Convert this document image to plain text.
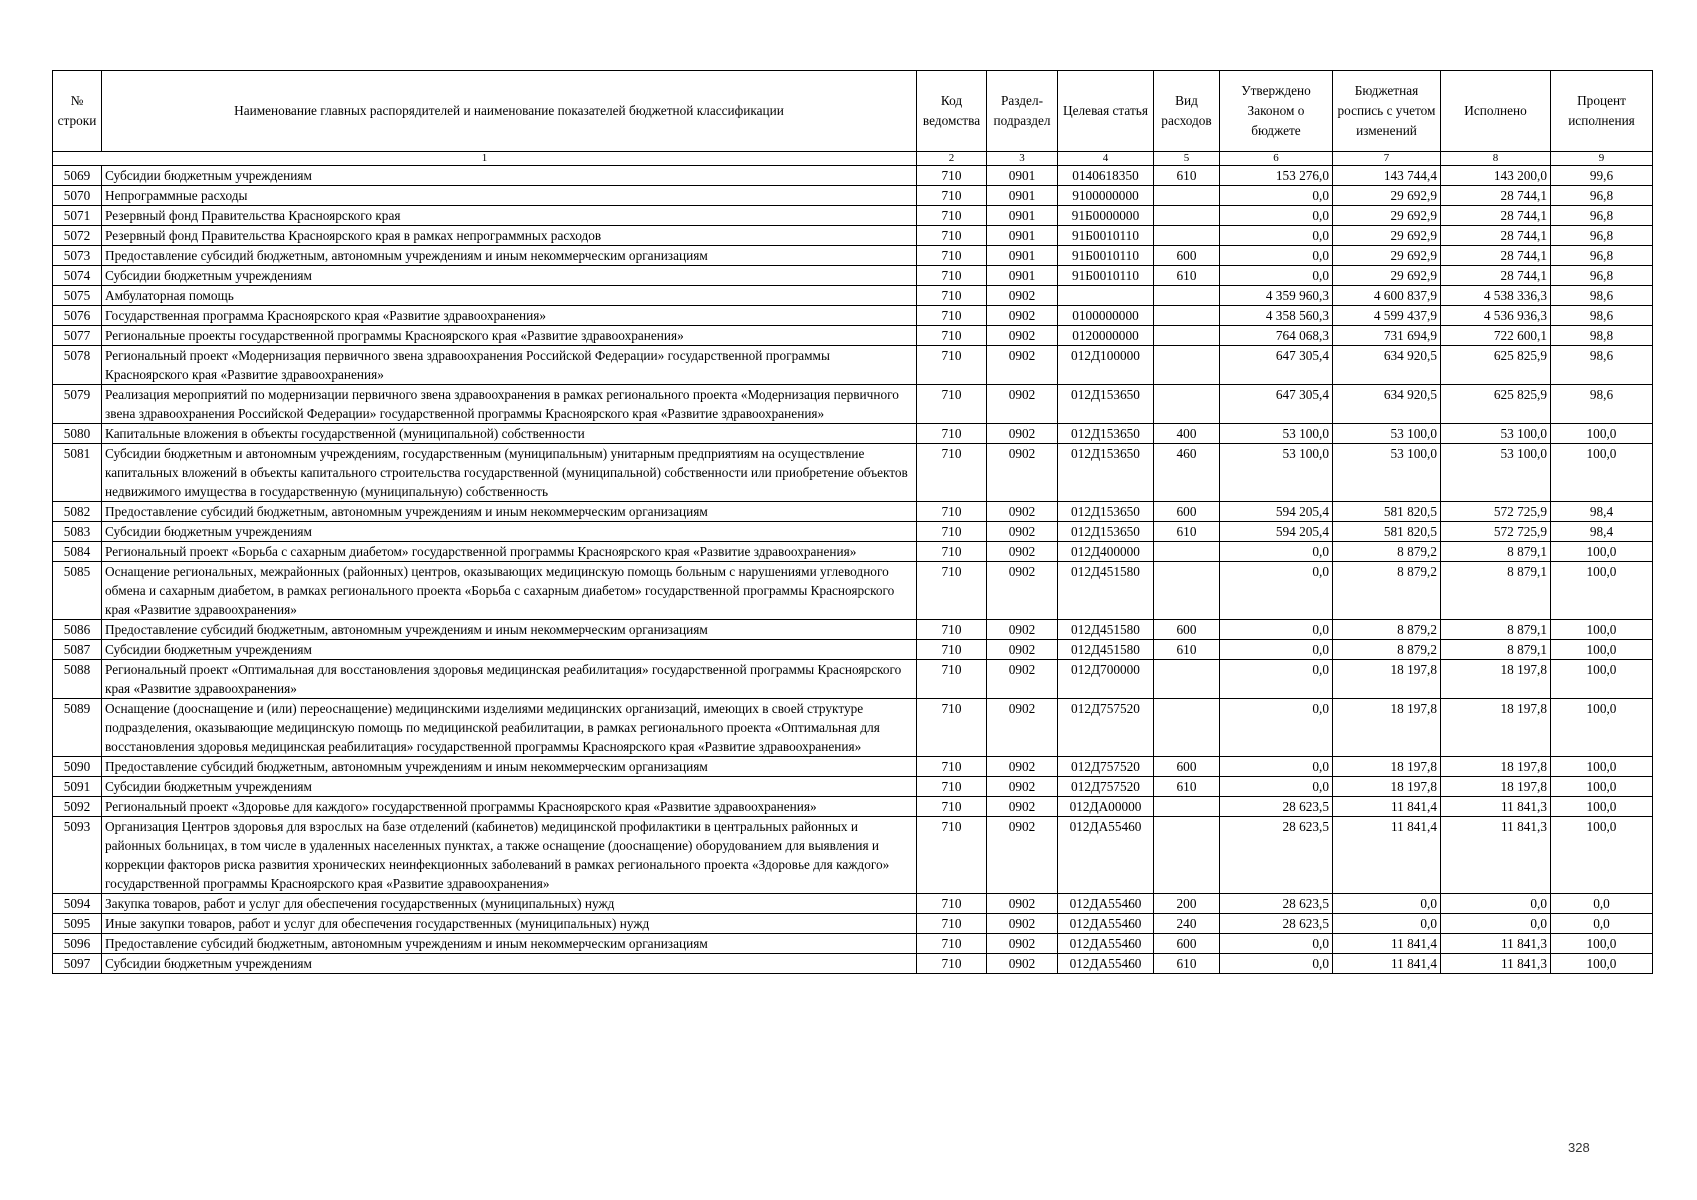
№ строки	Наименование главных распорядителей и наименование показателей бюджетной классификации	Код ведомства	Раздел-подраздел	Целевая статья	Вид расходов	Утверждено Законом о бюджете	Бюджетная роспись с учетом изменений	Исполнено	Процент исполнения
1		2	3	4	5	6	7	8	9
5069	Субсидии бюджетным учреждениям	710	0901	0140618350	610	153 276,0	143 744,4	143 200,0	99,6
5070	Непрограммные расходы	710	0901	9100000000		0,0	29 692,9	28 744,1	96,8
5071	Резервный фонд Правительства Красноярского края	710	0901	91Б0000000		0,0	29 692,9	28 744,1	96,8
5072	Резервный фонд Правительства Красноярского края в рамках непрограммных расходов	710	0901	91Б0010110		0,0	29 692,9	28 744,1	96,8
5073	Предоставление субсидий бюджетным, автономным учреждениям и иным некоммерческим организациям	710	0901	91Б0010110	600	0,0	29 692,9	28 744,1	96,8
5074	Субсидии бюджетным учреждениям	710	0901	91Б0010110	610	0,0	29 692,9	28 744,1	96,8
5075	Амбулаторная помощь	710	0902			4 359 960,3	4 600 837,9	4 538 336,3	98,6
5076	Государственная программа Красноярского края «Развитие здравоохранения»	710	0902	0100000000		4 358 560,3	4 599 437,9	4 536 936,3	98,6
5077	Региональные проекты государственной программы Красноярского края «Развитие здравоохранения»	710	0902	0120000000		764 068,3	731 694,9	722 600,1	98,8
5078	Региональный проект «Модернизация первичного звена здравоохранения Российской Федерации» государственной программы Красноярского края «Развитие здравоохранения»	710	0902	012Д100000		647 305,4	634 920,5	625 825,9	98,6
5079	Реализация мероприятий по модернизации первичного звена здравоохранения в рамках регионального проекта «Модернизация первичного звена здравоохранения Российской Федерации» государственной программы Красноярского края «Развитие здравоохранения»	710	0902	012Д153650		647 305,4	634 920,5	625 825,9	98,6
5080	Капитальные вложения в объекты государственной (муниципальной) собственности	710	0902	012Д153650	400	53 100,0	53 100,0	53 100,0	100,0
5081	Субсидии бюджетным и автономным учреждениям, государственным (муниципальным) унитарным предприятиям на осуществление капитальных вложений в объекты капитального строительства государственной (муниципальной) собственности или приобретение объектов недвижимого имущества в государственную (муниципальную) собственность	710	0902	012Д153650	460	53 100,0	53 100,0	53 100,0	100,0
5082	Предоставление субсидий бюджетным, автономным учреждениям и иным некоммерческим организациям	710	0902	012Д153650	600	594 205,4	581 820,5	572 725,9	98,4
5083	Субсидии бюджетным учреждениям	710	0902	012Д153650	610	594 205,4	581 820,5	572 725,9	98,4
5084	Региональный проект «Борьба с сахарным диабетом» государственной программы Красноярского края «Развитие здравоохранения»	710	0902	012Д400000		0,0	8 879,2	8 879,1	100,0
5085	Оснащение региональных, межрайонных (районных) центров, оказывающих медицинскую помощь больным с нарушениями углеводного обмена и сахарным диабетом, в рамках регионального проекта «Борьба с сахарным диабетом» государственной программы Красноярского края «Развитие здравоохранения»	710	0902	012Д451580		0,0	8 879,2	8 879,1	100,0
5086	Предоставление субсидий бюджетным, автономным учреждениям и иным некоммерческим организациям	710	0902	012Д451580	600	0,0	8 879,2	8 879,1	100,0
5087	Субсидии бюджетным учреждениям	710	0902	012Д451580	610	0,0	8 879,2	8 879,1	100,0
5088	Региональный проект «Оптимальная для восстановления здоровья медицинская реабилитация» государственной программы Красноярского края «Развитие здравоохранения»	710	0902	012Д700000		0,0	18 197,8	18 197,8	100,0
5089	Оснащение (дооснащение и (или) переоснащение) медицинскими изделиями медицинских организаций, имеющих в своей структуре подразделения, оказывающие медицинскую помощь по медицинской реабилитации, в рамках регионального проекта «Оптимальная для восстановления здоровья медицинская реабилитация» государственной программы Красноярского края «Развитие здравоохранения»	710	0902	012Д757520		0,0	18 197,8	18 197,8	100,0
5090	Предоставление субсидий бюджетным, автономным учреждениям и иным некоммерческим организациям	710	0902	012Д757520	600	0,0	18 197,8	18 197,8	100,0
5091	Субсидии бюджетным учреждениям	710	0902	012Д757520	610	0,0	18 197,8	18 197,8	100,0
5092	Региональный проект «Здоровье для каждого» государственной программы Красноярского края «Развитие здравоохранения»	710	0902	012ДА00000		28 623,5	11 841,4	11 841,3	100,0
5093	Организация Центров здоровья для взрослых на базе отделений (кабинетов) медицинской профилактики в центральных районных и районных больницах, в том числе в удаленных населенных пунктах, а также оснащение (дооснащение) оборудованием для выявления и коррекции факторов риска развития хронических неинфекционных заболеваний в рамках регионального проекта «Здоровье для каждого» государственной программы Красноярского края «Развитие здравоохранения»	710	0902	012ДА55460		28 623,5	11 841,4	11 841,3	100,0
5094	Закупка товаров, работ и услуг для обеспечения государственных (муниципальных) нужд	710	0902	012ДА55460	200	28 623,5	0,0	0,0	0,0
5095	Иные закупки товаров, работ и услуг для обеспечения государственных (муниципальных) нужд	710	0902	012ДА55460	240	28 623,5	0,0	0,0	0,0
5096	Предоставление субсидий бюджетным, автономным учреждениям и иным некоммерческим организациям	710	0902	012ДА55460	600	0,0	11 841,4	11 841,3	100,0
5097	Субсидии бюджетным учреждениям	710	0902	012ДА55460	610	0,0	11 841,4	11 841,3	100,0
328
